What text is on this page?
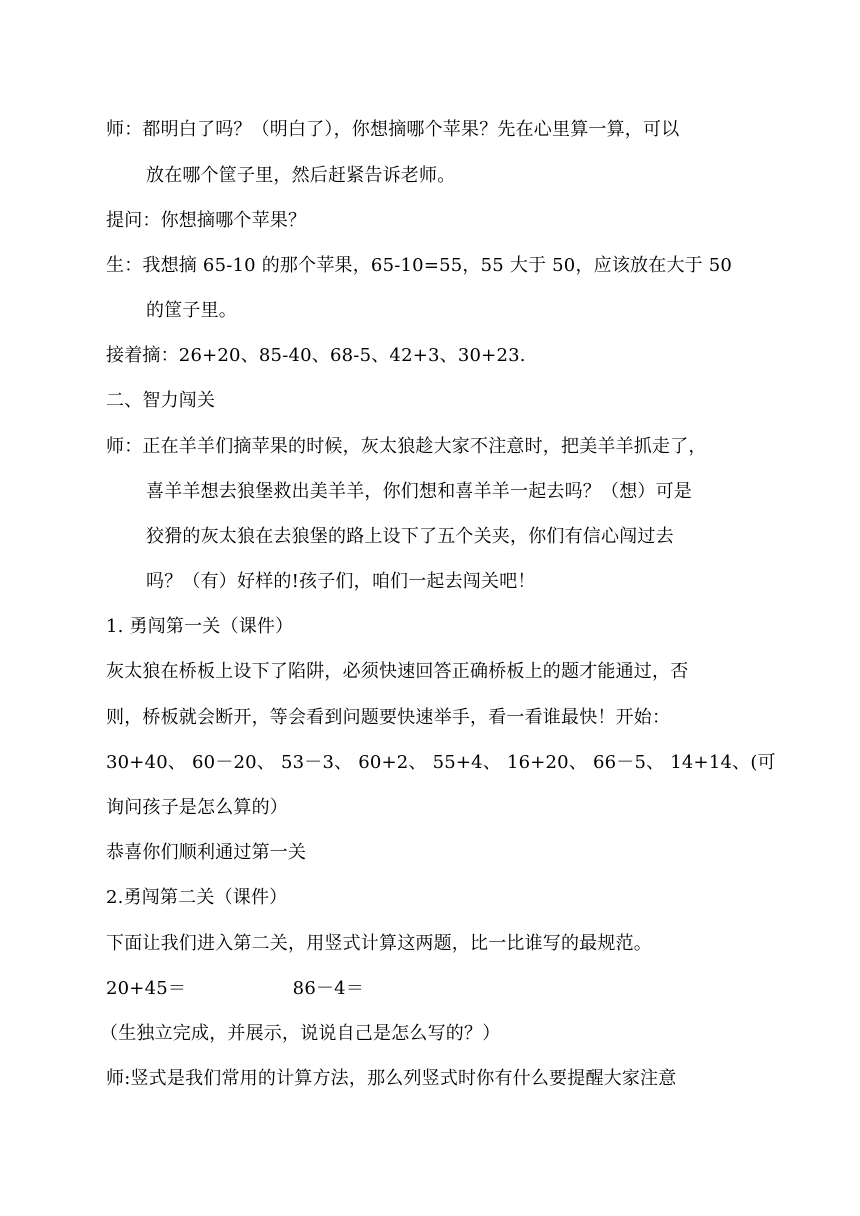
师：都明白了吗？（明白了），你想摘哪个苹果？先在心里算一算，可以
放在哪个筐子里，然后赶紧告诉老师。
提问：你想摘哪个苹果？
生：我想摘 65-10 的那个苹果，65-10=55，55 大于 50，应该放在大于 50
的筐子里。
接着摘：26+20、85-40、68-5、42+3、30+23.
二、智力闯关
师：正在羊羊们摘苹果的时候，灰太狼趁大家不注意时，把美羊羊抓走了，
喜羊羊想去狼堡救出美羊羊，你们想和喜羊羊一起去吗？（想）可是
狡猾的灰太狼在去狼堡的路上设下了五个关夹，你们有信心闯过去
吗？（有）好样的!孩子们，咱们一起去闯关吧！
1. 勇闯第一关（课件）
灰太狼在桥板上设下了陷阱，必须快速回答正确桥板上的题才能通过，否
则，桥板就会断开，等会看到问题要快速举手，看一看谁最快！开始：
30+40、 60－20、 53－3、 60+2、 55+4、 16+20、 66－5、 14+14、(可
询问孩子是怎么算的）
恭喜你们顺利通过第一关
2.勇闯第二关（课件）
下面让我们进入第二关，用竖式计算这两题，比一比谁写的最规范。
20+45＝                  86－4＝
（生独立完成，并展示，说说自己是怎么写的？）
师:竖式是我们常用的计算方法，那么列竖式时你有什么要提醒大家注意
